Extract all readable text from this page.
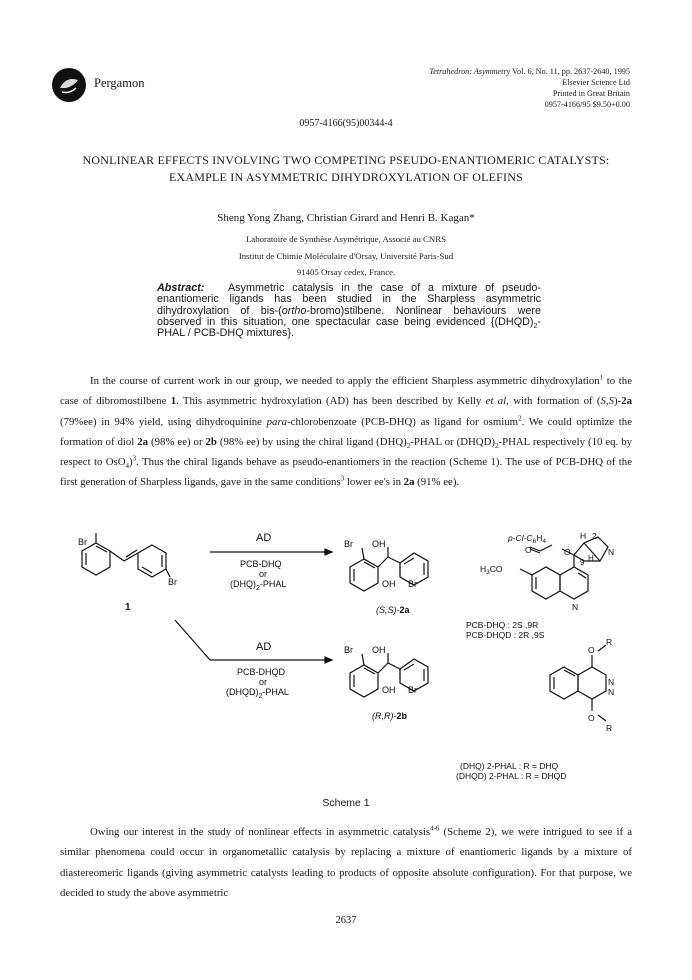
Pergamon
Tetrahedron: Asymmetry Vol. 6, No. 11, pp. 2637-2640, 1995
Elsevier Science Ltd
Printed in Great Britain
0957-4166/95 $9.50+0.00
0957-4166(95)00344-4
NONLINEAR EFFECTS INVOLVING TWO COMPETING PSEUDO-ENANTIOMERIC CATALYSTS:
EXAMPLE IN ASYMMETRIC DIHYDROXYLATION OF OLEFINS
Sheng Yong Zhang, Christian Girard and Henri B. Kagan*
Laboratoire de Synthèse Asymétrique, Associé au CNRS
Institut de Chimie Moléculaire d'Orsay, Université Paris-Sud
91405 Orsay cedex, France.
Abstract: Asymmetric catalysis in the case of a mixture of pseudo-enantiomeric ligands has been studied in the Sharpless asymmetric dihydroxylation of bis-(ortho-bromo)stilbene. Nonlinear behaviours were observed in this situation, one spectacular case being evidenced {$(DHQD)_2$-PHAL / PCB-DHQ mixtures}.

In the course of current work in our group, we needed to apply the efficient Sharpless asymmetric dihydroxylation$^1$ to the case of dibromostilbene 1. This asymmetric hydroxylation (AD) has been described by Kelly et al, with formation of (S,S)-2a (79%ee) in 94% yield, using dihydroquinine para-chlorobenzoate (PCB-DHQ) as ligand for osmium$^2$. We could optimize the formation of diol 2a (98% ee) or 2b (98% ee) by using the chiral ligand $(DHQ)_2$-PHAL or $(DHQD)_2$-PHAL respectively (10 eq. by respect to OsO$_4$)$^3$. Thus the chiral ligands behave as pseudo-enantiomers in the reaction (Scheme 1). The use of PCB-DHQ of the first generation of Sharpless ligands, gave in the same conditions$^3$ lower ee's in 2a (91% ee).

Br
Br
1
AD
PCB-DHQ
or
$(DHQ)_2$-PHAL
AD
PCB-DHQD
or
$(DHQD)_2$-PHAL
Br OH
OH Br
(S,S)-2a
Br OH
OH Br
(R,R)-2b
$p-Cl-C_6H_4$
H 2
N
O
9 H
O
$H_3CO$
N
PCB-DHQ : 2S ,9R
PCB-DHQD : 2R ,9S
O
R
N
N
O
R
(DHQ) 2-PHAL : R = DHQ
(DHQD) 2-PHAL : R = DHQD
Scheme 1

Owing our interest in the study of nonlinear effects in asymmetric catalysis$^{4-6}$ (Scheme 2), we were intrigued to see if a similar phenomena could occur in organometallic catalysis by replacing a mixture of enantiomeric ligands by a mixture of diastereomeric ligands (giving asymmetric catalysts leading to products of opposite absolute configuration). For that purpose, we decided to study the above asymmetric

2637
